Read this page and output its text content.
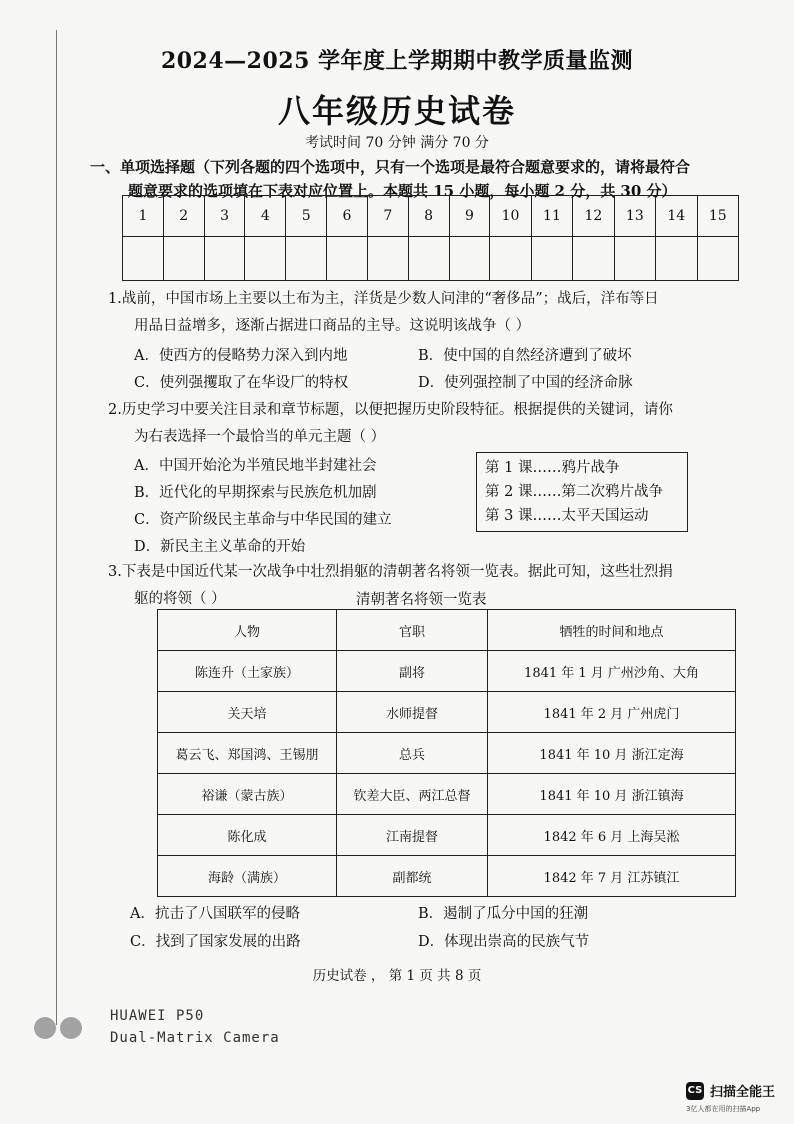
2024—2025 学年度上学期期中教学质量监测
八年级历史试卷
考试时间 70 分钟 满分 70 分
一、单项选择题（下列各题的四个选项中，只有一个选项是最符合题意要求的，请将最符合
题意要求的选项填在下表对应位置上。本题共 15 小题，每小题 2 分，共 30 分）
1	2	3	4	5	6	7	8	9	10	11	12	13	14	15

1.战前，中国市场上主要以土布为主，洋货是少数人问津的“奢侈品”；战后，洋布等日
用品日益增多，逐渐占据进口商品的主导。这说明该战争（ ）
A．使西方的侵略势力深入到内地	B．使中国的自然经济遭到了破坏
C．使列强攫取了在华设厂的特权	D．使列强控制了中国的经济命脉
2.历史学习中要关注目录和章节标题，以便把握历史阶段特征。根据提供的关键词，请你
为右表选择一个最恰当的单元主题（ ）
A．中国开始沦为半殖民地半封建社会
B．近代化的早期探索与民族危机加剧
C．资产阶级民主革命与中华民国的建立
D．新民主主义革命的开始
第 1 课……鸦片战争
第 2 课……第二次鸦片战争
第 3 课……太平天国运动
3.下表是中国近代某一次战争中壮烈捐躯的清朝著名将领一览表。据此可知，这些壮烈捐
躯的将领（ ）	清朝著名将领一览表
人物	官职	牺牲的时间和地点
陈连升（土家族）	副将	1841 年 1 月 广州沙角、大角
关天培	水师提督	1841 年 2 月 广州虎门
葛云飞、郑国鸿、王锡朋	总兵	1841 年 10 月 浙江定海
裕谦（蒙古族）	钦差大臣、两江总督	1841 年 10 月 浙江镇海
陈化成	江南提督	1842 年 6 月 上海吴淞
海龄（满族）	副都统	1842 年 7 月 江苏镇江
A．抗击了八国联军的侵略	B．遏制了瓜分中国的狂潮
C．找到了国家发展的出路	D．体现出崇高的民族气节
历史试卷 ， 第 1 页 共 8 页
HUAWEI P50
Dual-Matrix Camera
CS 扫描全能王
3亿人都在用的扫描App
